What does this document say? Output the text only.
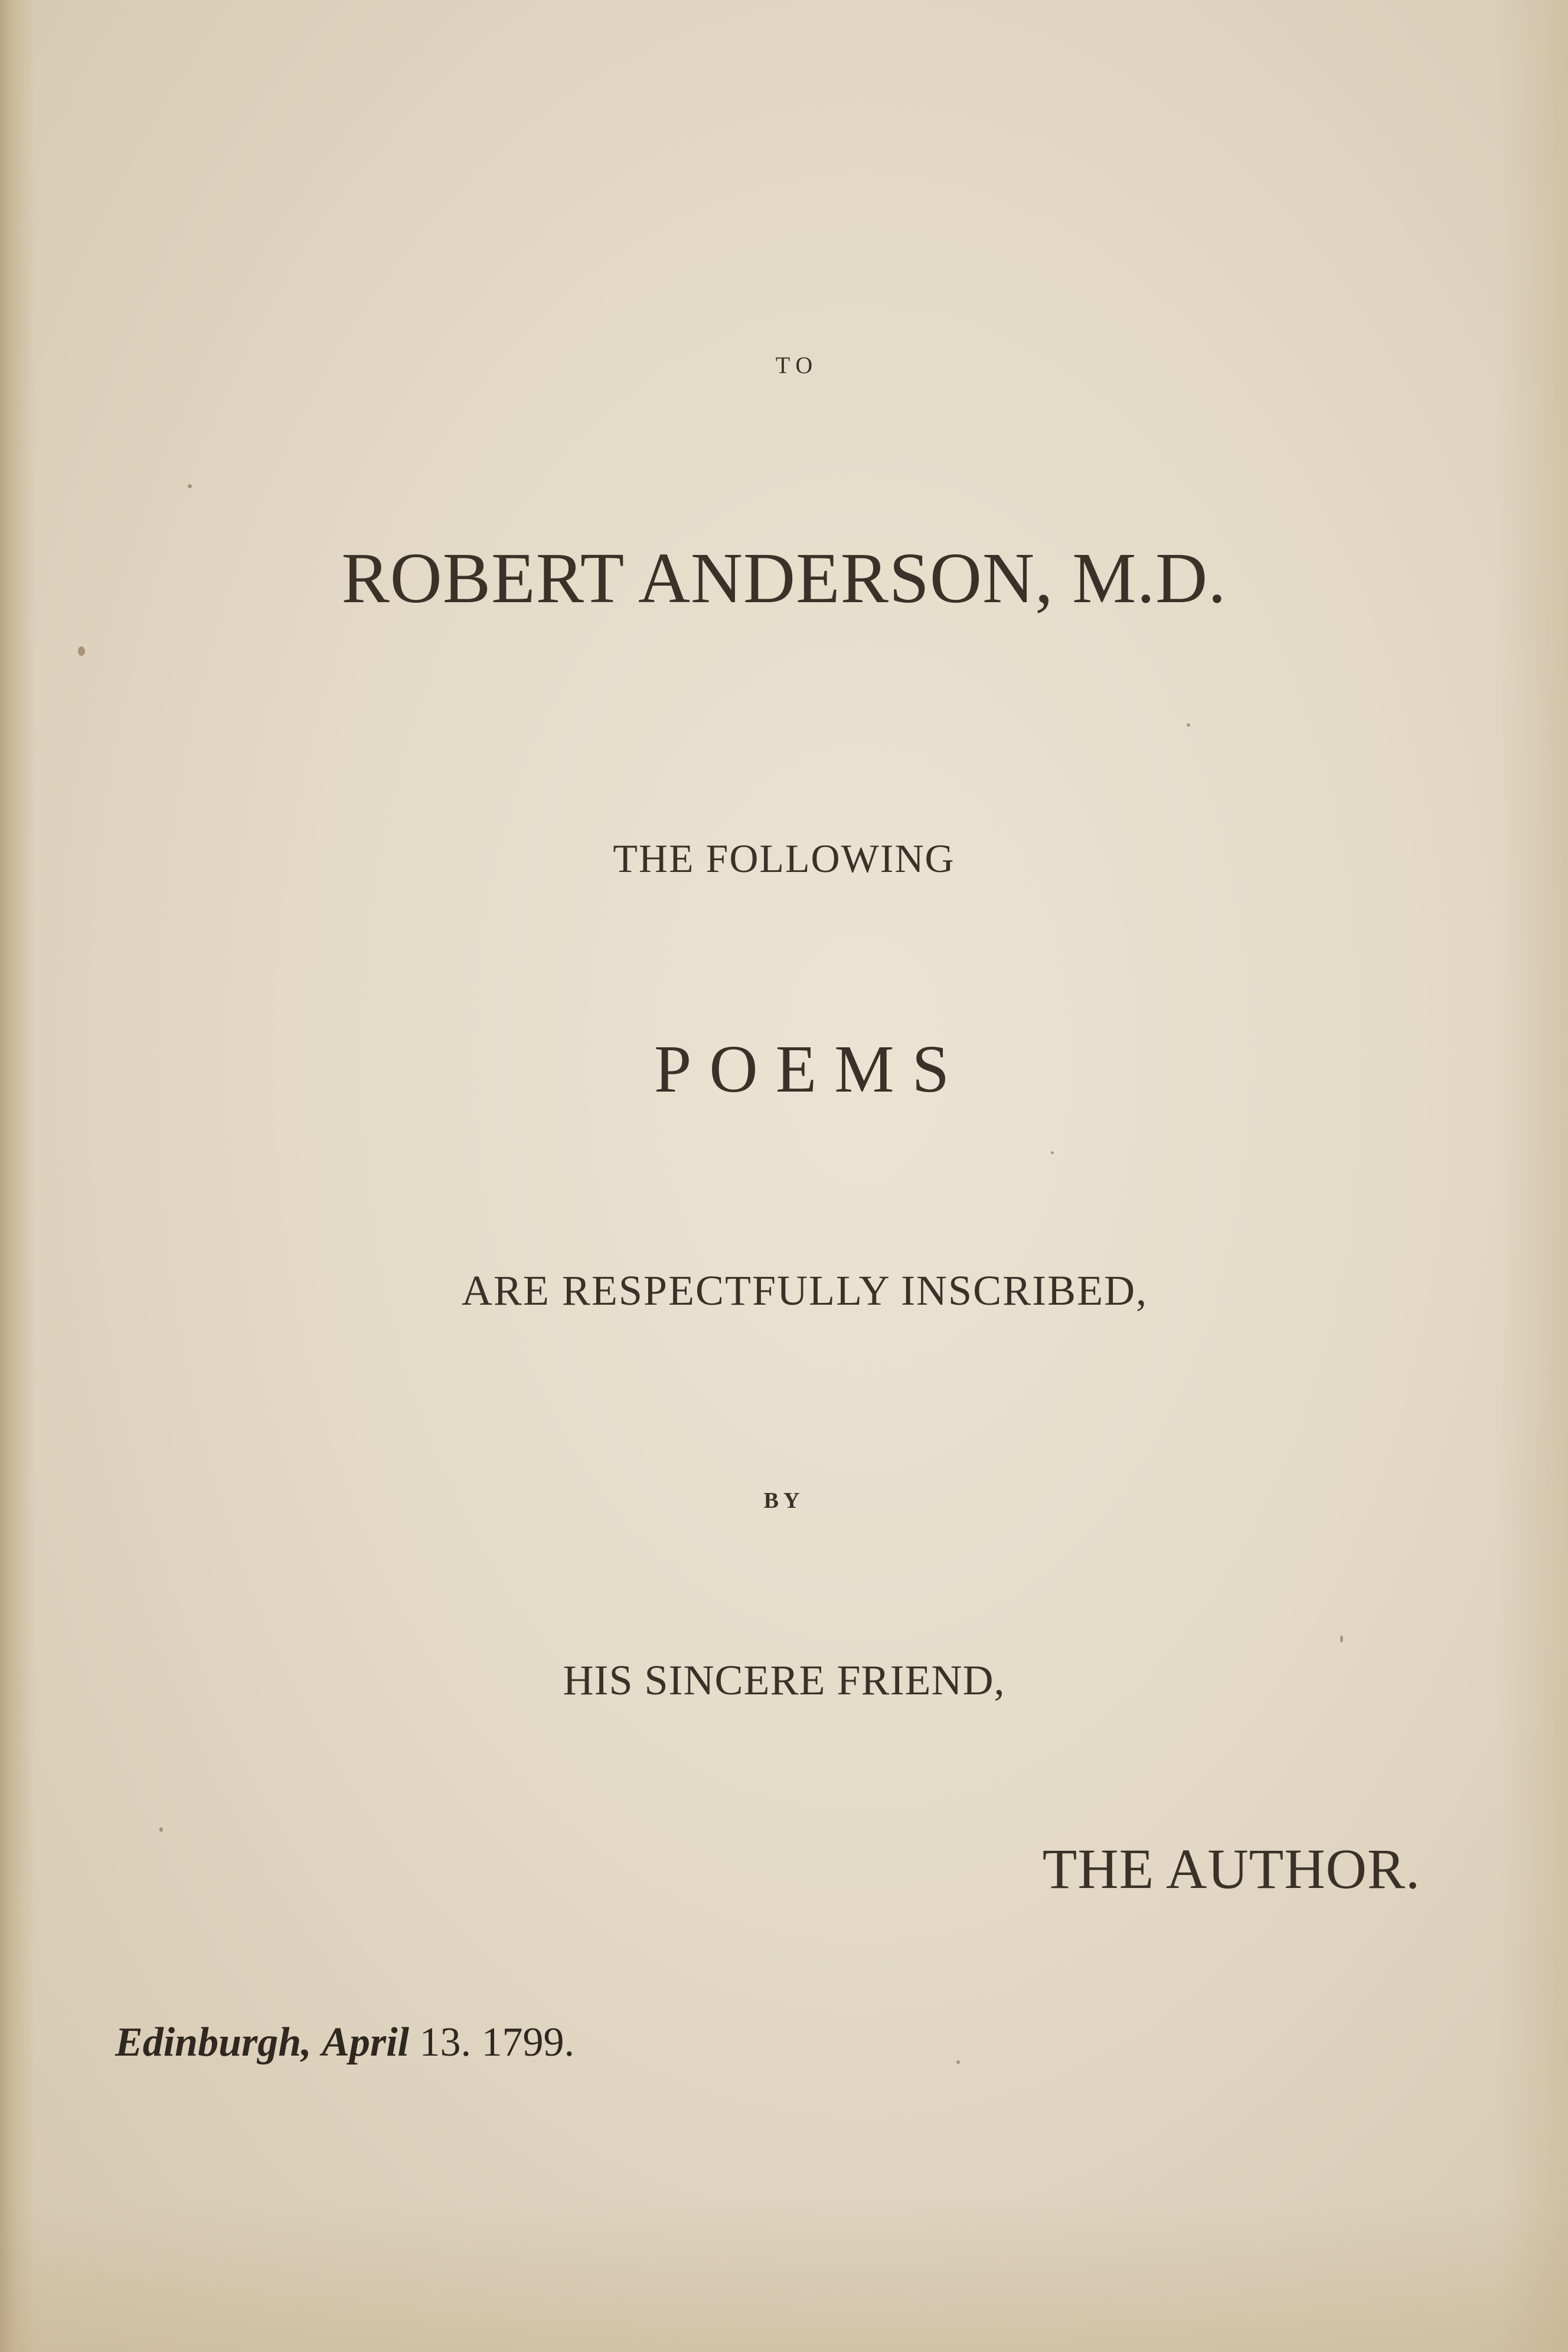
TO

ROBERT ANDERSON, M.D.

THE FOLLOWING

POEMS

ARE RESPECTFULLY INSCRIBED,

BY

HIS SINCERE FRIEND,

THE AUTHOR.

Edinburgh, April 13. 1799.
